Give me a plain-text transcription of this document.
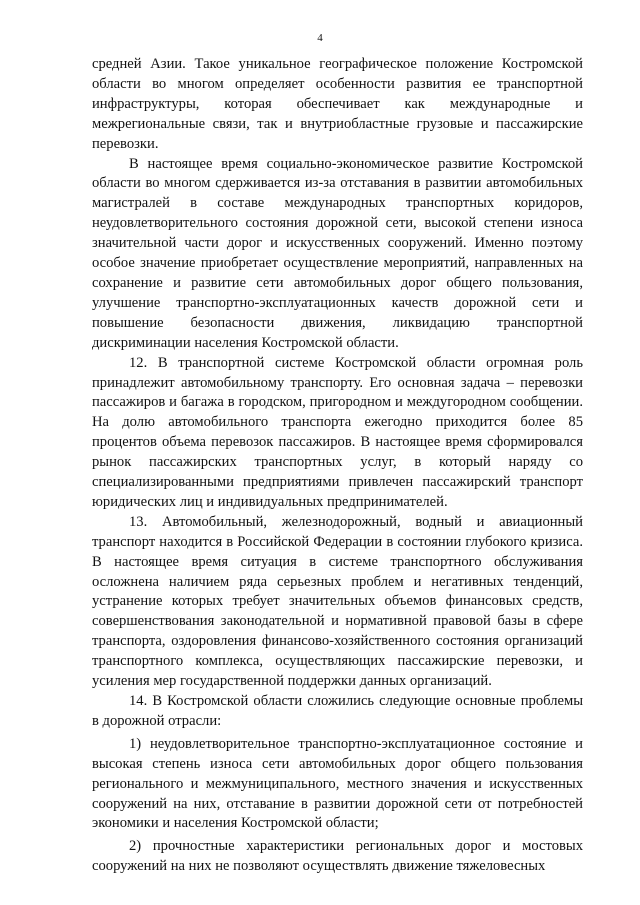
4

средней Азии. Такое уникальное географическое положение Костромской области во многом определяет особенности развития ее транспортной инфраструктуры, которая обеспечивает как международные и межрегиональные связи, так и внутриобластные грузовые и пассажирские перевозки.

В настоящее время социально-экономическое развитие Костромской области во многом сдерживается из-за отставания в развитии автомобильных магистралей в составе международных транспортных коридоров, неудовлетворительного состояния дорожной сети, высокой степени износа значительной части дорог и искусственных сооружений. Именно поэтому особое значение приобретает осуществление мероприятий, направленных на сохранение и развитие сети автомобильных дорог общего пользования, улучшение транспортно-эксплуатационных качеств дорожной сети и повышение безопасности движения, ликвидацию транспортной дискриминации населения Костромской области.

12. В транспортной системе Костромской области огромная роль принадлежит автомобильному транспорту. Его основная задача – перевозки пассажиров и багажа в городском, пригородном и междугородном сообщении. На долю автомобильного транспорта ежегодно приходится более 85 процентов объема перевозок пассажиров. В настоящее время сформировался рынок пассажирских транспортных услуг, в который наряду со специализированными предприятиями привлечен пассажирский транспорт юридических лиц и индивидуальных предпринимателей.

13. Автомобильный, железнодорожный, водный и авиационный транспорт находится в Российской Федерации в состоянии глубокого кризиса. В настоящее время ситуация в системе транспортного обслуживания осложнена наличием ряда серьезных проблем и негативных тенденций, устранение которых требует значительных объемов финансовых средств, совершенствования законодательной и нормативной правовой базы в сфере транспорта, оздоровления финансово-хозяйственного состояния организаций транспортного комплекса, осуществляющих пассажирские перевозки, и усиления мер государственной поддержки данных организаций.

14. В Костромской области сложились следующие основные проблемы в дорожной отрасли:

1) неудовлетворительное транспортно-эксплуатационное состояние и высокая степень износа сети автомобильных дорог общего пользования регионального и межмуниципального, местного значения и искусственных сооружений на них, отставание в развитии дорожной сети от потребностей экономики и населения Костромской области;

2) прочностные характеристики региональных дорог и мостовых сооружений на них не позволяют осуществлять движение тяжеловесных
